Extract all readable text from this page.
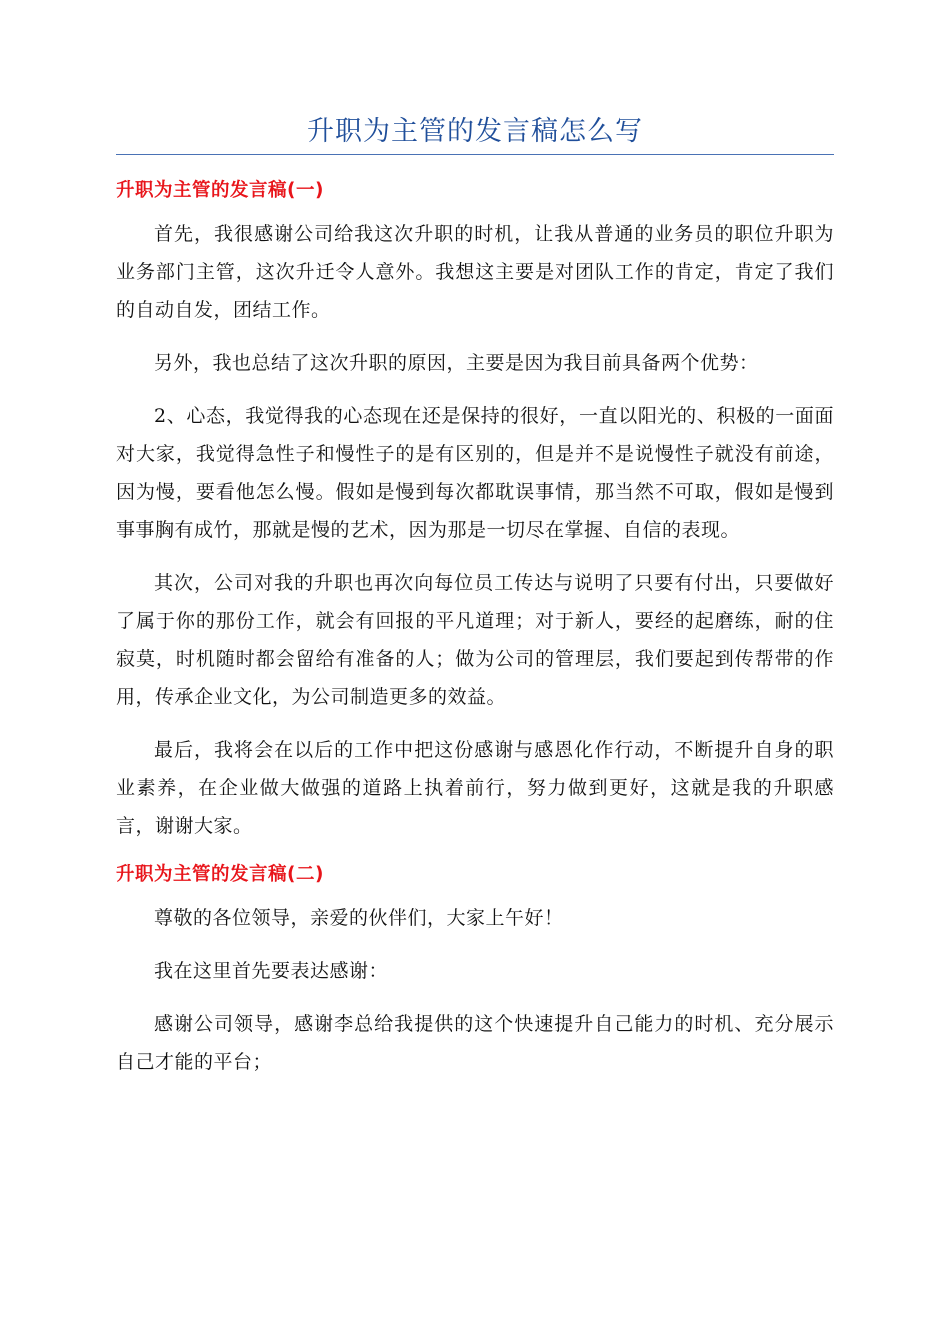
升职为主管的发言稿怎么写
升职为主管的发言稿(一)

首先，我很感谢公司给我这次升职的时机，让我从普通的业务员的职位升职为业务部门主管，这次升迁令人意外。我想这主要是对团队工作的肯定，肯定了我们的自动自发，团结工作。

另外，我也总结了这次升职的原因，主要是因为我目前具备两个优势：

2、心态，我觉得我的心态现在还是保持的很好，一直以阳光的、积极的一面面对大家，我觉得急性子和慢性子的是有区别的，但是并不是说慢性子就没有前途，因为慢，要看他怎么慢。假如是慢到每次都耽误事情，那当然不可取，假如是慢到事事胸有成竹，那就是慢的艺术，因为那是一切尽在掌握、自信的表现。

其次，公司对我的升职也再次向每位员工传达与说明了只要有付出，只要做好了属于你的那份工作，就会有回报的平凡道理；对于新人，要经的起磨练，耐的住寂莫，时机随时都会留给有准备的人；做为公司的管理层，我们要起到传帮带的作用，传承企业文化，为公司制造更多的效益。

最后，我将会在以后的工作中把这份感谢与感恩化作行动，不断提升自身的职业素养，在企业做大做强的道路上执着前行，努力做到更好，这就是我的升职感言，谢谢大家。

升职为主管的发言稿(二)

尊敬的各位领导，亲爱的伙伴们，大家上午好！

我在这里首先要表达感谢：

感谢公司领导，感谢李总给我提供的这个快速提升自己能力的时机、充分展示自己才能的平台；
